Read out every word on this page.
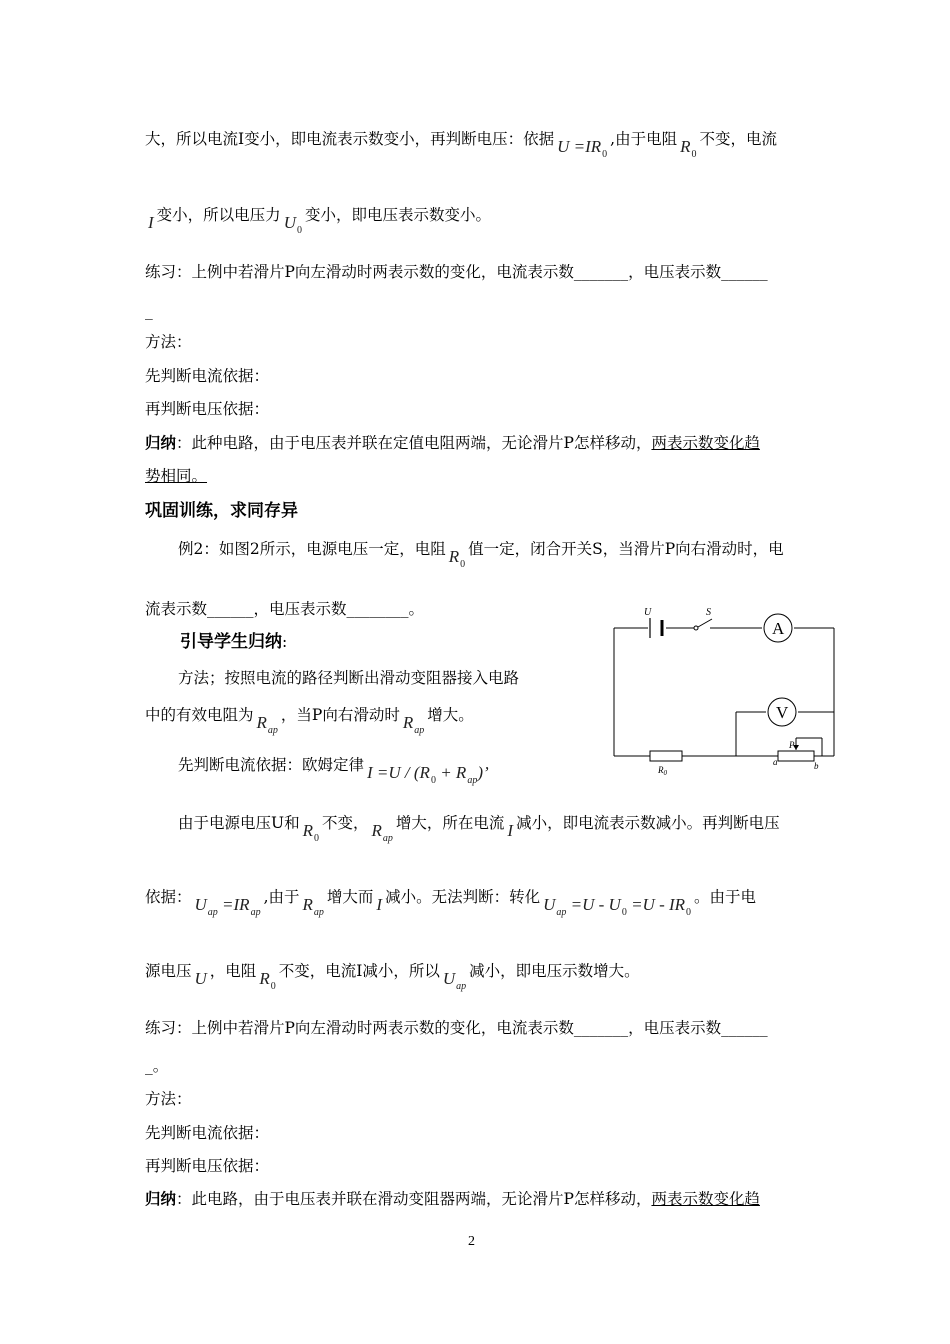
大，所以电流I变小，即电流表示数变小，再判断电压：依据 $U =IR_0$,由于电阻 $R_0$不变，电流
I 变小，所以电压力 $U_0$变小，即电压表示数变小。
练习：上例中若滑片P向左滑动时两表示数的变化，电流表示数_______，电压表示数______
_
方法：
先判断电流依据：
再判断电压依据：
归纳：此种电路，由于电压表并联在定值电阻两端，无论滑片P怎样移动，两表示数变化趋
势相同。
巩固训练，求同存异
例2：如图2所示，电源电压一定，电阻 $R_0$值一定，闭合开关S，当滑片P向右滑动时，电
流表示数______，电压表示数________。
引导学生归纳:
方法；按照电流的路径判断出滑动变阻器接入电路
中的有效电阻为 $R_{ap}$，当P向右滑动时 $R_{ap}$增大。
先判断电流依据：欧姆定律 $I =U / (R_0 + R_{ap})$’
由于电源电压U和 $R_0$不变， $R_{ap}$增大，所在电流 I 减小，即电流表示数减小。再判断电压
依据： $U_{ap} =IR_{ap}$,由于 $R_{ap}$增大而 I 减小。无法判断：转化 $U_{ap} =U - U_0 =U - IR_0$。由于电
源电压 U ，电阻 $R_0$不变，电流I减小，所以 $U_{ap}$减小，即电压示数增大。
练习：上例中若滑片P向左滑动时两表示数的变化，电流表示数_______，电压表示数______
_。
方法：
先判断电流依据：
再判断电压依据：
归纳：此电路，由于电压表并联在滑动变阻器两端，无论滑片P怎样移动，两表示数变化趋
U	S
A
V
$R_0$
P
a	b
2
